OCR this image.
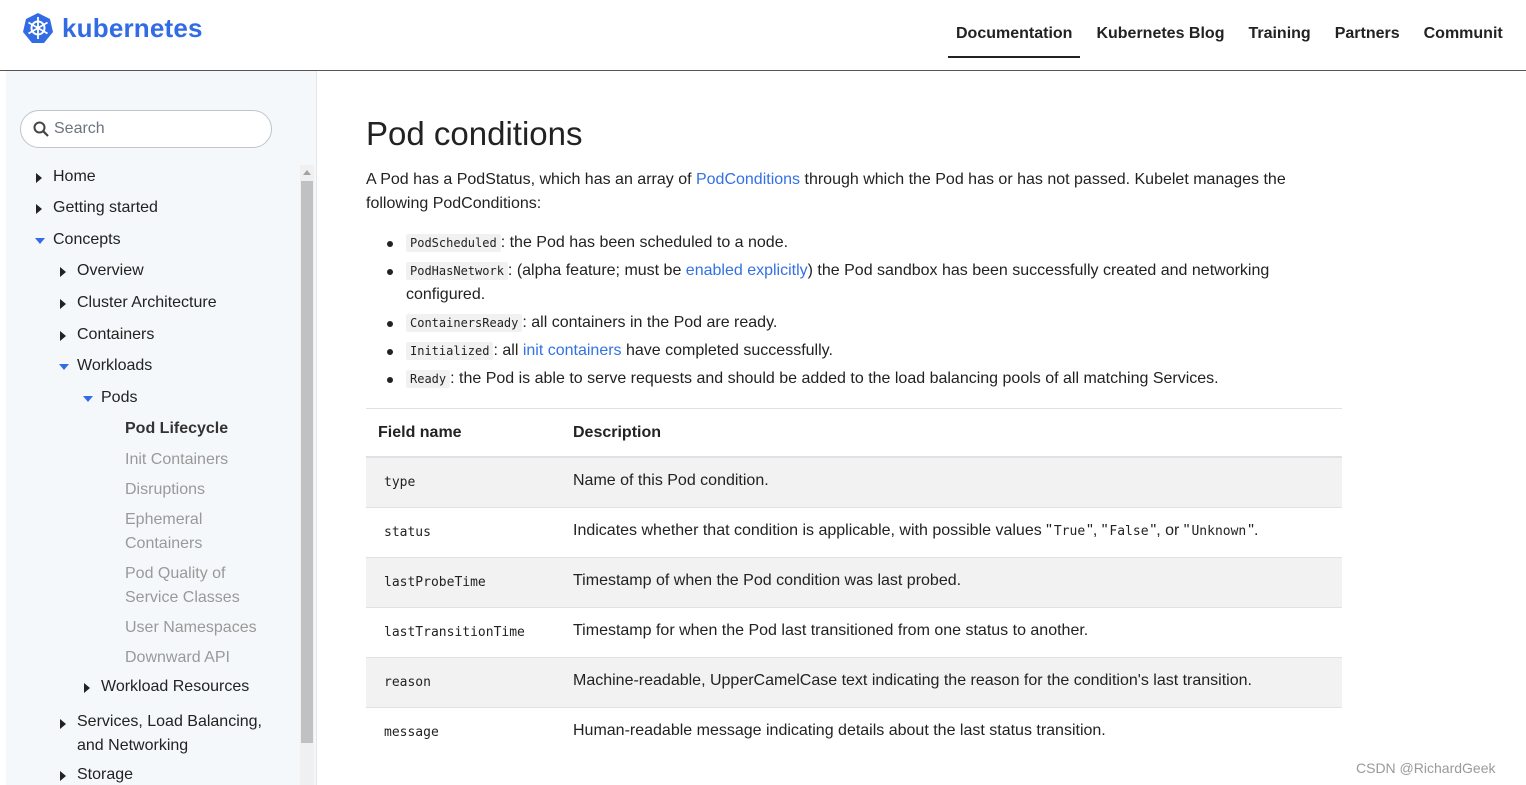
kubernetes	Documentation	Kubernetes Blog	Training	Partners	Communit
Search
Home
Getting started
Concepts
Overview
Cluster Architecture
Containers
Workloads
Pods
Pod Lifecycle
Init Containers
Disruptions
Ephemeral Containers
Pod Quality of Service Classes
User Namespaces
Downward API
Workload Resources
Services, Load Balancing, and Networking
Storage
Pod conditions

A Pod has a PodStatus, which has an array of PodConditions through which the Pod has or has not passed. Kubelet manages the following PodConditions:

PodScheduled : the Pod has been scheduled to a node.
PodHasNetwork : (alpha feature; must be enabled explicitly) the Pod sandbox has been successfully created and networking configured.
ContainersReady : all containers in the Pod are ready.
Initialized : all init containers have completed successfully.
Ready : the Pod is able to serve requests and should be added to the load balancing pools of all matching Services.
Field name	Description
type	Name of this Pod condition.
status	Indicates whether that condition is applicable, with possible values " True ", " False ", or " Unknown ".
lastProbeTime	Timestamp of when the Pod condition was last probed.
lastTransitionTime	Timestamp for when the Pod last transitioned from one status to another.
reason	Machine-readable, UpperCamelCase text indicating the reason for the condition's last transition.
message	Human-readable message indicating details about the last status transition.
CSDN @RichardGeek
